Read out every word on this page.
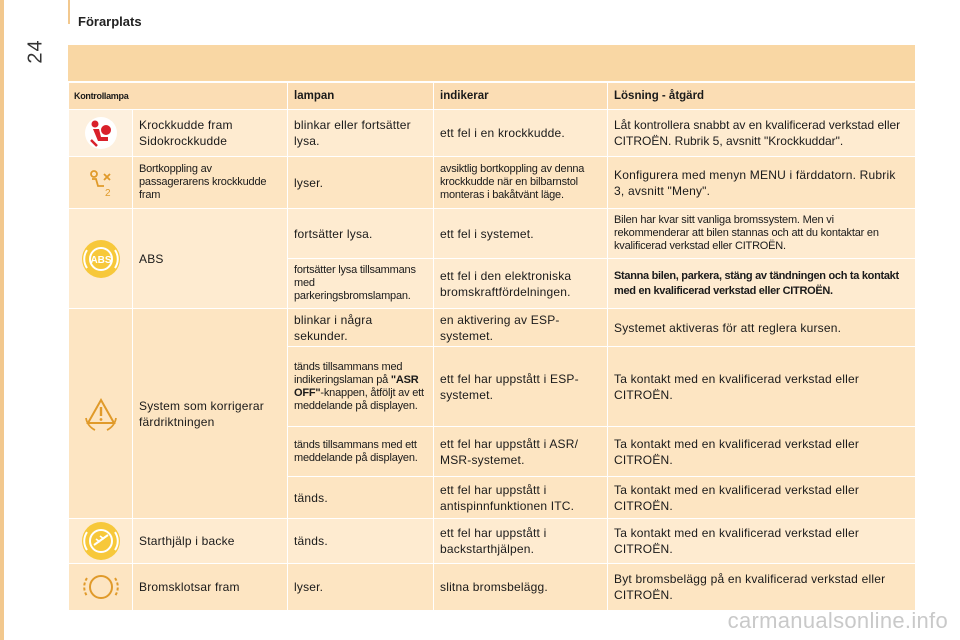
24
Förarplats
Kontrollampa		lampan	indikerar	Lösning - åtgärd

	Krockkudde fram Sidokrockkudde	blinkar eller fortsätter lysa.	ett fel i en krockkudde.	Låt kontrollera snabbt av en kvalificerad verkstad eller CITROËN. Rubrik 5, avsnitt "Krockkuddar".

2	Bortkoppling av passagerarens krockkudde fram	lyser.	avsiktlig bortkoppling av denna krockkudde när en bilbarnstol monteras i bakåtvänt läge.	Konfigurera med menyn MENU i färddatorn. Rubrik 3, avsnitt "Meny".

ABS	ABS	fortsätter lysa.	ett fel i systemet.	Bilen har kvar sitt vanliga bromssystem. Men vi rekommenderar att bilen stannas och att du kontaktar en kvalificerad verkstad eller CITROËN.
		fortsätter lysa tillsammans med parkeringsbromslampan.	ett fel i den elektroniska bromskraftfördelningen.	Stanna bilen, parkera, stäng av tändningen och ta kontakt med en kvalificerad verkstad eller CITROËN.

	System som korrigerar färdriktningen	blinkar i några sekunder.	en aktivering av ESP-systemet.	Systemet aktiveras för att reglera kursen.
		tänds tillsammans med indikeringslaman på "ASR OFF"-knappen, åtföljt av ett meddelande på displayen.	ett fel har uppstått i ESP-systemet.	Ta kontakt med en kvalificerad verkstad eller CITROËN.
		tänds tillsammans med ett meddelande på displayen.	ett fel har uppstått i ASR/ MSR-systemet.	Ta kontakt med en kvalificerad verkstad eller CITROËN.
		tänds.	ett fel har uppstått i antispinnfunktionen ITC.	Ta kontakt med en kvalificerad verkstad eller CITROËN.

	Starthjälp i backe	tänds.	ett fel har uppstått i backstarthjälpen.	Ta kontakt med en kvalificerad verkstad eller CITROËN.

	Bromsklotsar fram	lyser.	slitna bromsbelägg.	Byt bromsbelägg på en kvalificerad verkstad eller CITROËN.
carmanualsonline.info
